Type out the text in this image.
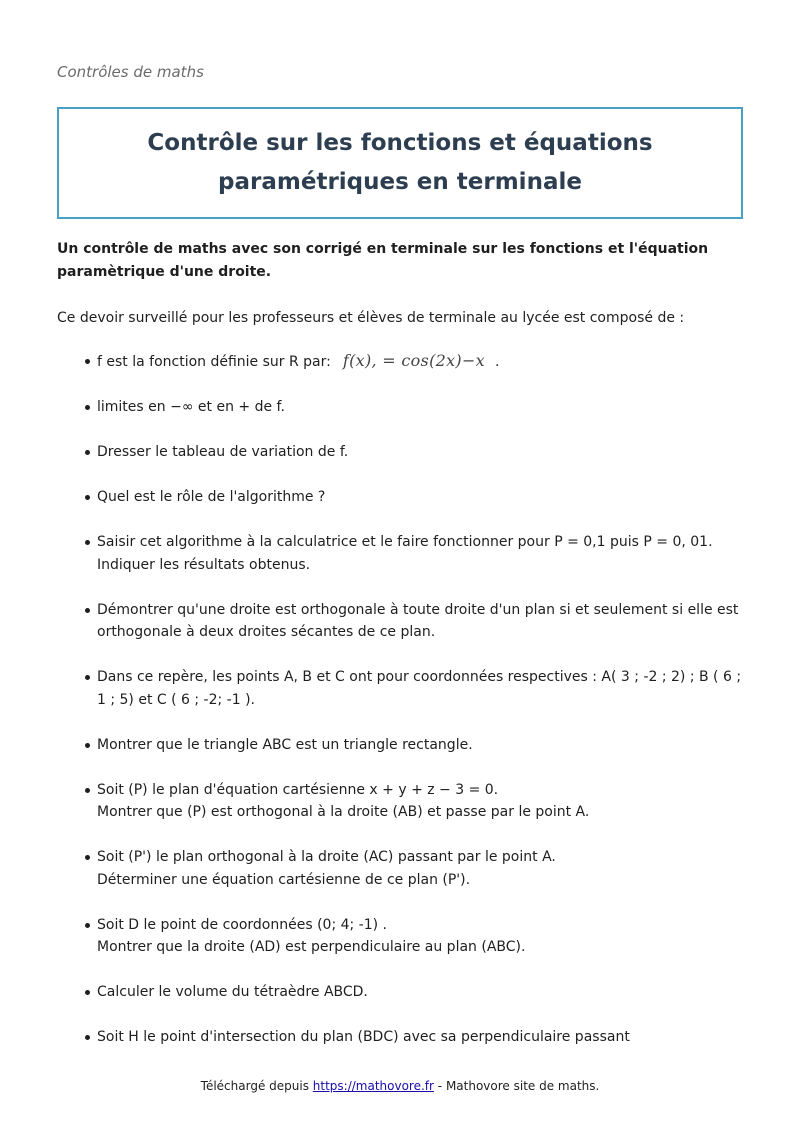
Contrôles de maths
Contrôle sur les fonctions et équations paramétriques en terminale

Un contrôle de maths avec son corrigé en terminale sur les fonctions et l'équation paramètrique d'une droite.

Ce devoir surveillé pour les professeurs et élèves de terminale au lycée est composé de :

f est la fonction définie sur R par: f(x), = cos(2x)−x .
limites en −∞ et en + de f.
Dresser le tableau de variation de f.
Quel est le rôle de l'algorithme ?
Saisir cet algorithme à la calculatrice et le faire fonctionner pour P = 0,1 puis P = 0, 01. Indiquer les résultats obtenus.
Démontrer qu'une droite est orthogonale à toute droite d'un plan si et seulement si elle est orthogonale à deux droites sécantes de ce plan.
Dans ce repère, les points A, B et C ont pour coordonnées respectives : A( 3 ; -2 ; 2) ; B ( 6 ; 1 ; 5) et C ( 6 ; -2; -1 ).
Montrer que le triangle ABC est un triangle rectangle.
Soit (P) le plan d'équation cartésienne x + y + z − 3 = 0.
Montrer que (P) est orthogonal à la droite (AB) et passe par le point A.
Soit (P') le plan orthogonal à la droite (AC) passant par le point A.
Déterminer une équation cartésienne de ce plan (P').
Soit D le point de coordonnées (0; 4; -1) .
Montrer que la droite (AD) est perpendiculaire au plan (ABC).
Calculer le volume du tétraèdre ABCD.
Soit H le point d'intersection du plan (BDC) avec sa perpendiculaire passant
Téléchargé depuis https://mathovore.fr - Mathovore site de maths.
